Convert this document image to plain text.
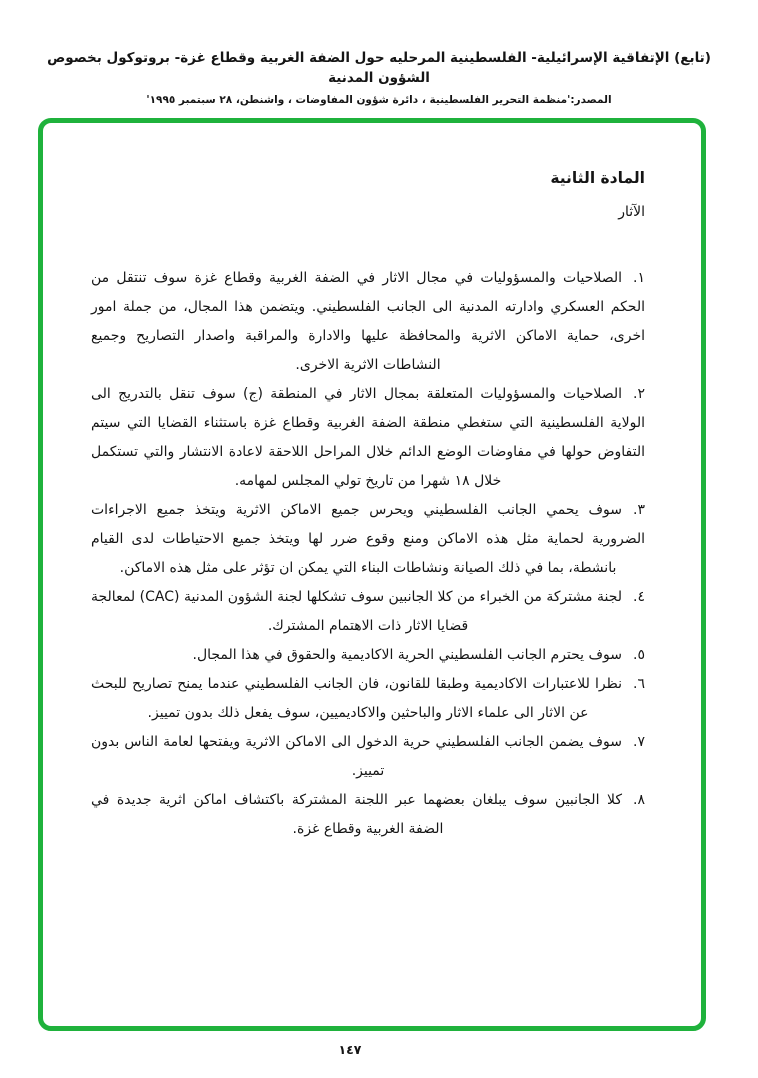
(تابع) الإتفاقية الإسرائيلية- الفلسطينية المرحليه حول الضفة الغربية وقطاع غزة- بروتوكول بخصوص الشؤون المدنية
المصدر:'منظمة التحرير الفلسطينية ، دائرة شؤون المفاوضات ، واشنطن، ٢٨ سبتمبر ١٩٩٥'
المادة الثانية
الآثار
١.الصلاحيات والمسؤوليات في مجال الاثار في الضفة الغربية وقطاع غزة سوف تنتقل من الحكم العسكري وادارته المدنية الى الجانب الفلسطيني. ويتضمن هذا المجال، من جملة امور اخرى، حماية الاماكن الاثرية والمحافظة عليها والادارة والمراقبة واصدار التصاريح وجميع النشاطات الاثرية الاخرى.
٢.الصلاحيات والمسؤوليات المتعلقة بمجال الاثار في المنطقة (ج) سوف تنقل بالتدريج الى الولاية الفلسطينية التي ستغطي منطقة الضفة الغربية وقطاع غزة باستثناء القضايا التي سيتم التفاوض حولها في مفاوضات الوضع الدائم خلال المراحل اللاحقة لاعادة الانتشار والتي تستكمل خلال ١٨ شهرا من تاريخ تولي المجلس لمهامه.
٣.سوف يحمي الجانب الفلسطيني ويحرس جميع الاماكن الاثرية ويتخذ جميع الاجراءات الضرورية لحماية مثل هذه الاماكن ومنع وقوع ضرر لها ويتخذ جميع الاحتياطات لدى القيام بانشطة، بما في ذلك الصيانة ونشاطات البناء التي يمكن ان تؤثر على مثل هذه الاماكن.
٤.لجنة مشتركة من الخبراء من كلا الجانبين سوف تشكلها لجنة الشؤون المدنية (CAC) لمعالجة قضايا الاثار ذات الاهتمام المشترك.
٥.سوف يحترم الجانب الفلسطيني الحرية الاكاديمية والحقوق في هذا المجال.
٦.نظرا للاعتبارات الاكاديمية وطبقا للقانون، فان الجانب الفلسطيني عندما يمنح تصاريح للبحث عن الاثار الى علماء الاثار والباحثين والاكاديميين، سوف يفعل ذلك بدون تمييز.
٧.سوف يضمن الجانب الفلسطيني حرية الدخول الى الاماكن الاثرية ويفتحها لعامة الناس بدون تمييز.
٨.كلا الجانبين سوف يبلغان بعضهما عبر اللجنة المشتركة باكتشاف اماكن اثرية جديدة في الضفة الغربية وقطاع غزة.
١٤٧
